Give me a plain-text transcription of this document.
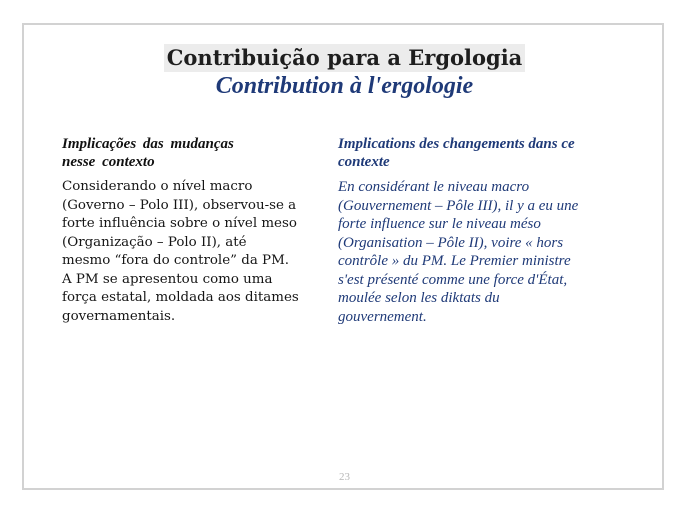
Contribuição para a Ergologia
Contribution à l'ergologie

Implicações das mudanças
nesse contexto

Considerando o nível macro
(Governo – Polo III), observou-se a
forte influência sobre o nível meso
(Organização – Polo II), até
mesmo “fora do controle” da PM.
A PM se apresentou como uma
força estatal, moldada aos ditames
governamentais.

Implications des changements dans ce
contexte

En considérant le niveau macro
(Gouvernement – Pôle III), il y a eu une
forte influence sur le niveau méso
(Organisation – Pôle II), voire « hors
contrôle » du PM. Le Premier ministre
s'est présenté comme une force d'État,
moulée selon les diktats du
gouvernement.

23
